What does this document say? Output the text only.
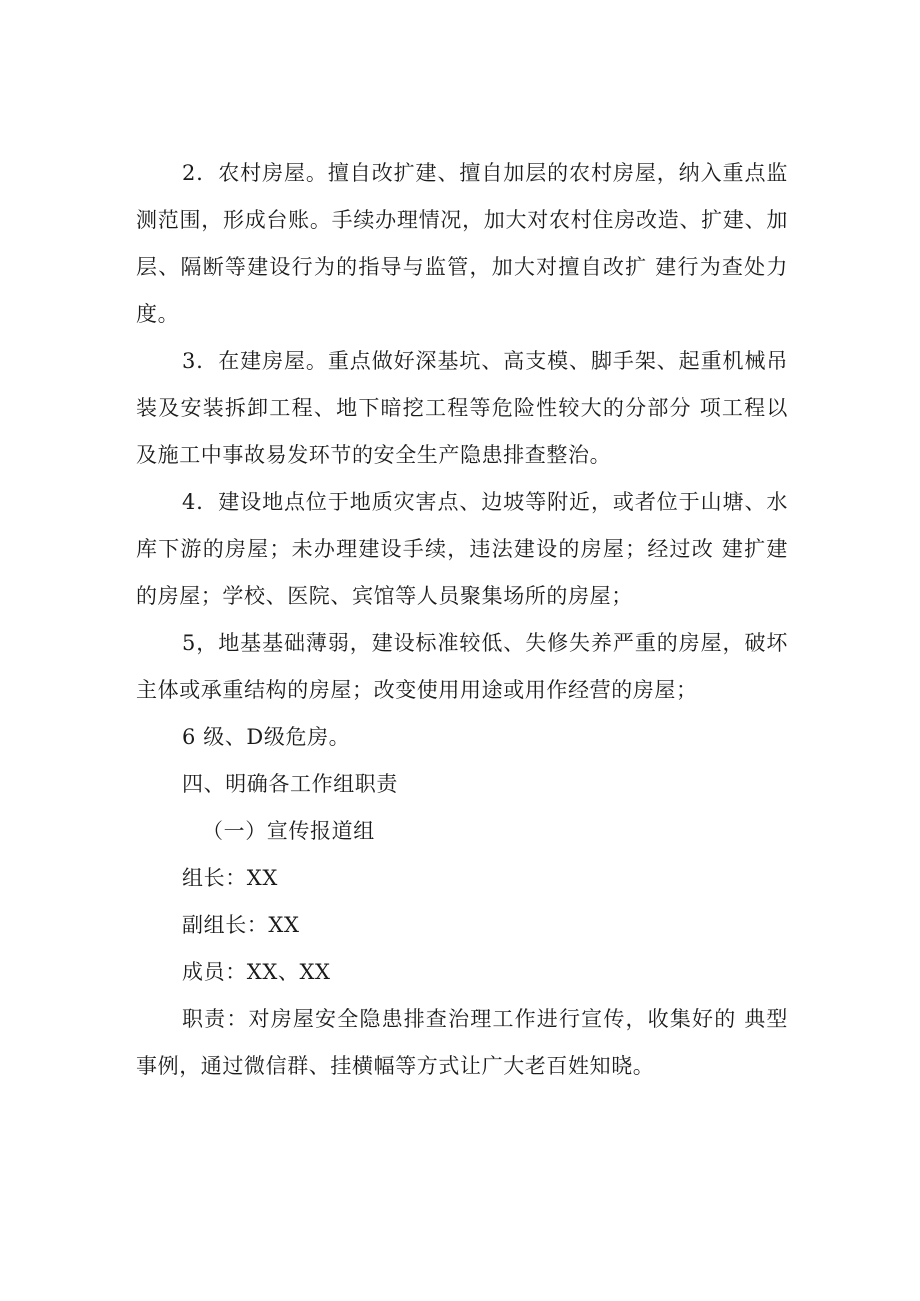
2．农村房屋。擅自改扩建、擅自加层的农村房屋，纳入重点监测范围，形成台账。手续办理情况，加大对农村住房改造、扩建、加层、隔断等建设行为的指导与监管，加大对擅自改扩 建行为查处力度。

3．在建房屋。重点做好深基坑、高支模、脚手架、起重机械吊装及安装拆卸工程、地下暗挖工程等危险性较大的分部分 项工程以及施工中事故易发环节的安全生产隐患排查整治。

4．建设地点位于地质灾害点、边坡等附近，或者位于山塘、水库下游的房屋；未办理建设手续，违法建设的房屋；经过改 建扩建的房屋；学校、医院、宾馆等人员聚集场所的房屋；

5，地基基础薄弱，建设标准较低、失修失养严重的房屋，破坏主体或承重结构的房屋；改变使用用途或用作经营的房屋；

6 级、D级危房。

四、明确各工作组职责

（一）宣传报道组

组长：XX

副组长：XX

成员：XX、XX

职责：对房屋安全隐患排查治理工作进行宣传，收集好的 典型事例，通过微信群、挂横幅等方式让广大老百姓知晓。
